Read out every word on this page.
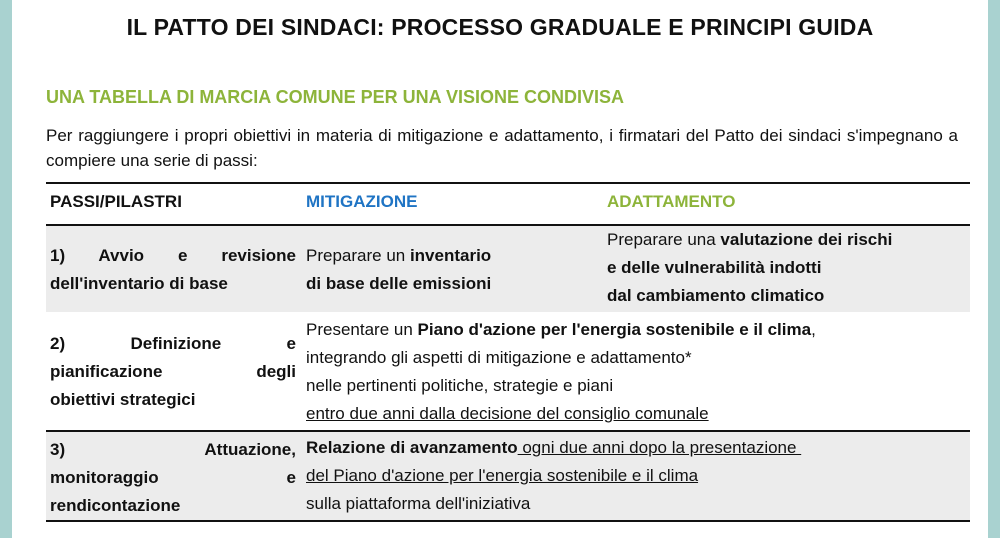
IL PATTO DEI SINDACI: PROCESSO GRADUALE E PRINCIPI GUIDA
UNA TABELLA DI MARCIA COMUNE PER UNA VISIONE CONDIVISA
Per raggiungere i propri obiettivi in materia di mitigazione e adattamento, i firmatari del Patto dei sindaci s'impegnano a compiere una serie di passi:
PASSI/PILASTRI	MITIGAZIONE	ADATTAMENTO
1) Avvio e revisione
dell'inventario di base
Preparare un inventario
di base delle emissioni
Preparare una valutazione dei rischi
e delle vulnerabilità indotti
dal cambiamento climatico
2) Definizione e
pianificazione degli
obiettivi strategici
Presentare un Piano d'azione per l'energia sostenibile e il clima,
integrando gli aspetti di mitigazione e adattamento*
nelle pertinenti politiche, strategie e piani
entro due anni dalla decisione del consiglio comunale
3) Attuazione,
monitoraggio e
rendicontazione
Relazione di avanzamento ogni due anni dopo la presentazione
del Piano d'azione per l'energia sostenibile e il clima
sulla piattaforma dell'iniziativa
